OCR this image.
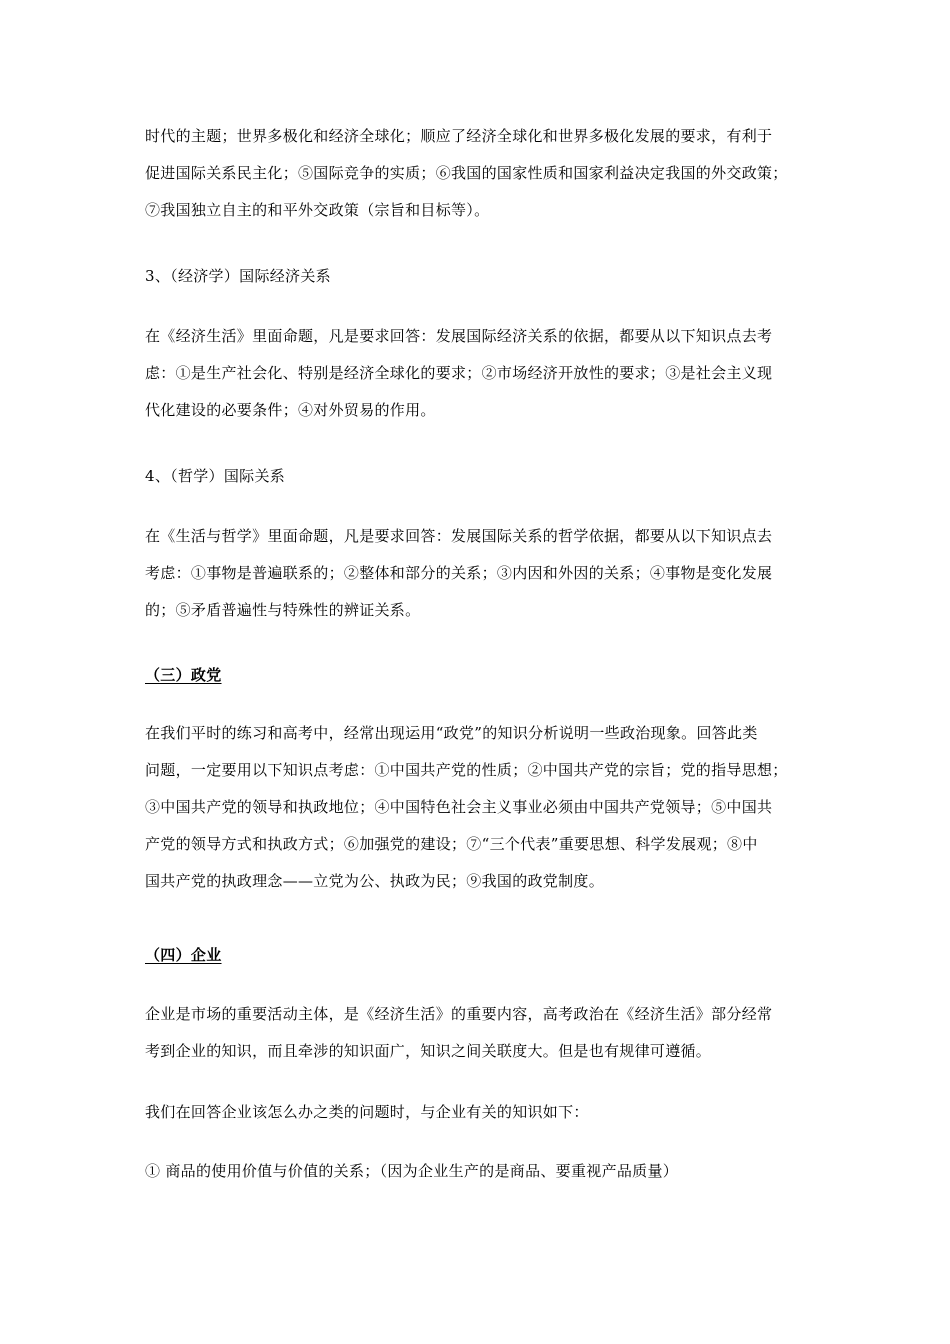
时代的主题；世界多极化和经济全球化；顺应了经济全球化和世界多极化发展的要求，有利于
促进国际关系民主化；⑤国际竞争的实质；⑥我国的国家性质和国家利益决定我国的外交政策；
⑦我国独立自主的和平外交政策（宗旨和目标等）。

3、（经济学）国际经济关系

在《经济生活》里面命题，凡是要求回答：发展国际经济关系的依据，都要从以下知识点去考
虑：①是生产社会化、特别是经济全球化的要求；②市场经济开放性的要求；③是社会主义现
代化建设的必要条件；④对外贸易的作用。

4、（哲学）国际关系

在《生活与哲学》里面命题，凡是要求回答：发展国际关系的哲学依据，都要从以下知识点去
考虑：①事物是普遍联系的；②整体和部分的关系；③内因和外因的关系；④事物是变化发展
的；⑤矛盾普遍性与特殊性的辨证关系。

（三）政党

在我们平时的练习和高考中，经常出现运用“政党”的知识分析说明一些政治现象。回答此类
问题，一定要用以下知识点考虑：①中国共产党的性质；②中国共产党的宗旨；党的指导思想；
③中国共产党的领导和执政地位；④中国特色社会主义事业必须由中国共产党领导；⑤中国共
产党的领导方式和执政方式；⑥加强党的建设；⑦“三个代表”重要思想、科学发展观；⑧中
国共产党的执政理念——立党为公、执政为民；⑨我国的政党制度。

（四）企业

企业是市场的重要活动主体，是《经济生活》的重要内容，高考政治在《经济生活》部分经常
考到企业的知识，而且牵涉的知识面广，知识之间关联度大。但是也有规律可遵循。

我们在回答企业该怎么办之类的问题时，与企业有关的知识如下：

① 商品的使用价值与价值的关系；（因为企业生产的是商品、要重视产品质量）
